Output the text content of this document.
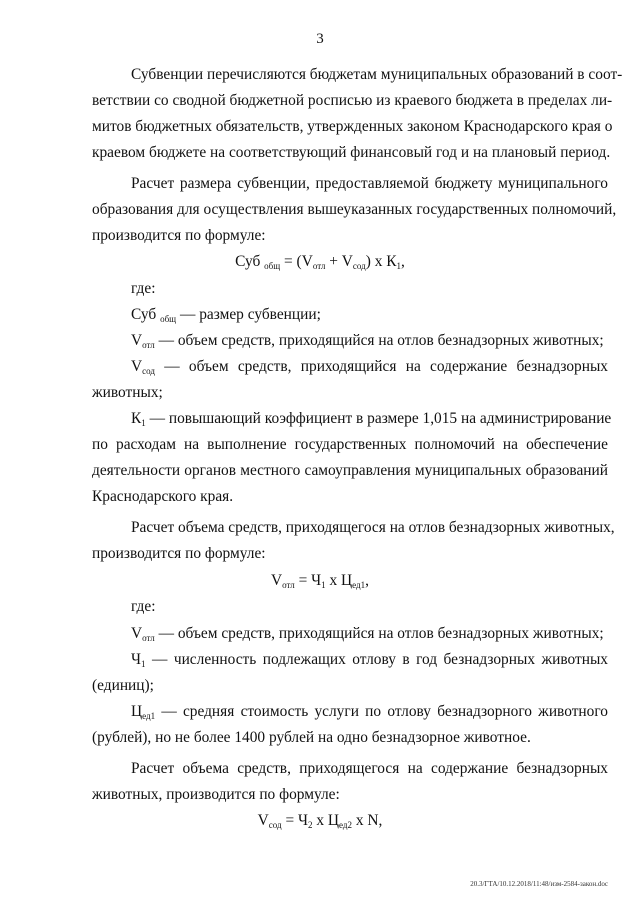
3
Субвенции перечисляются бюджетам муниципальных образований в соот-
ветствии со сводной бюджетной росписью из краевого бюджета в пределах ли-
митов бюджетных обязательств, утвержденных законом Краснодарского края о
краевом бюджете на соответствующий финансовый год и на плановый период.
Расчет размера субвенции, предоставляемой бюджету муниципального
образования для осуществления вышеуказанных государственных полномочий,
производится по формуле:
Суб $_{общ} = (V_{отл} + V_{сод})$ х $К_1$,
где:
Суб $_{общ}$ — размер субвенции;
$V_{отл}$ — объем средств, приходящийся на отлов безнадзорных животных;
$V_{сод}$ — объем средств, приходящийся на содержание безнадзорных
животных;
$К_1$ — повышающий коэффициент в размере 1,015 на администрирование
по расходам на выполнение государственных полномочий на обеспечение
деятельности органов местного самоуправления муниципальных образований
Краснодарского края.
Расчет объема средств, приходящегося на отлов безнадзорных животных,
производится по формуле:
$V_{отл} = Ч_1$ х $Ц_{ед1}$,
где:
$V_{отл}$ — объем средств, приходящийся на отлов безнадзорных животных;
$Ч_1$ — численность подлежащих отлову в год безнадзорных животных
(единиц);
$Ц_{ед1}$ — средняя стоимость услуги по отлову безнадзорного животного
(рублей), но не более 1400 рублей на одно безнадзорное животное.
Расчет объема средств, приходящегося на содержание безнадзорных
животных, производится по формуле:
$V_{сод} = Ч_2$ х $Ц_{ед2}$ х N,
20.3/ГТА/10.12.2018/11:48/изм-2584-закон.doc
